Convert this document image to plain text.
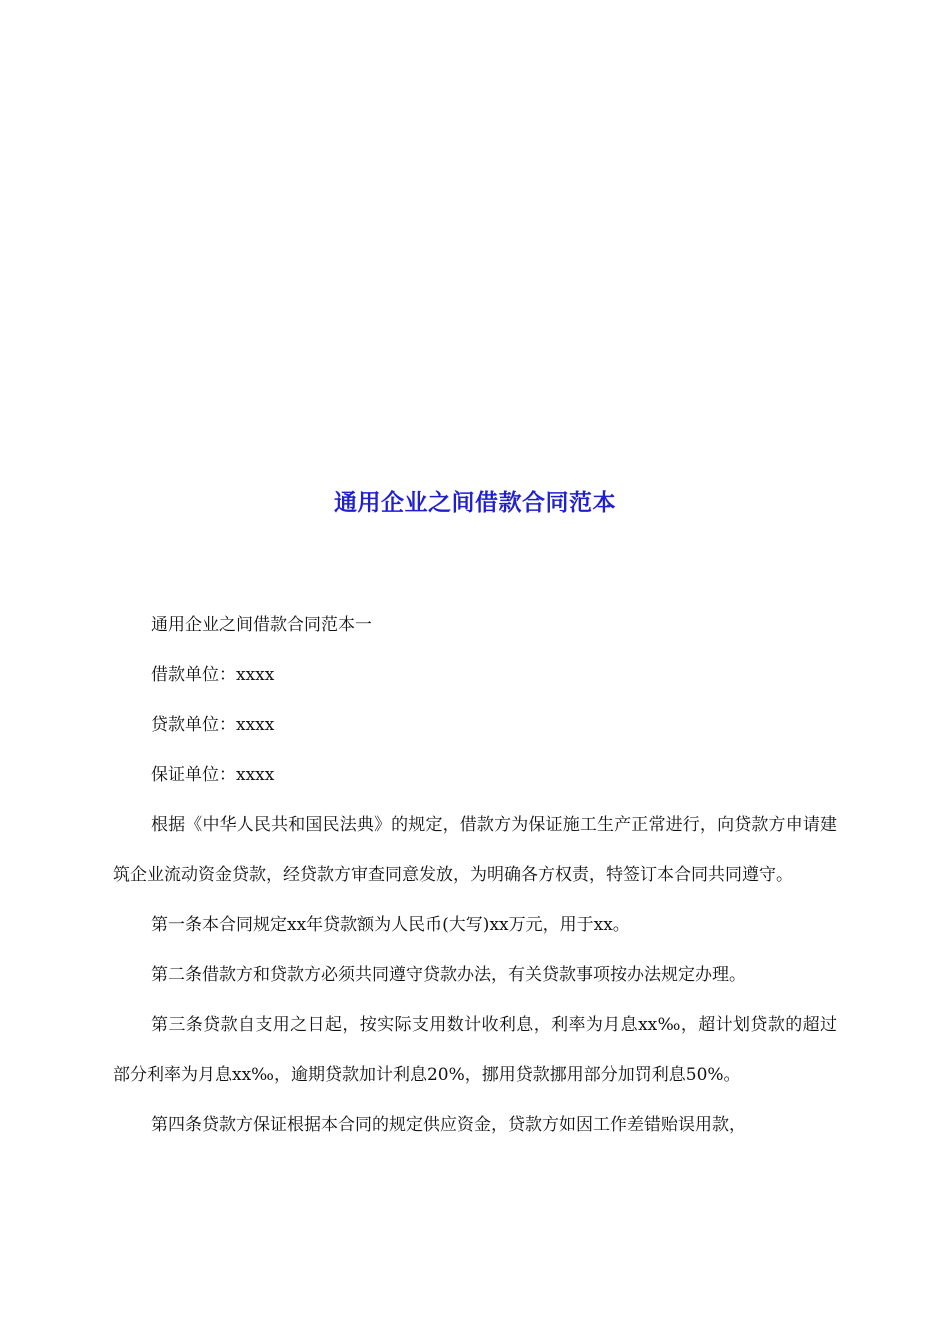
通用企业之间借款合同范本

通用企业之间借款合同范本一

借款单位：xxxx

贷款单位：xxxx

保证单位：xxxx

根据《中华人民共和国民法典》的规定，借款方为保证施工生产正常进行，向贷款方申请建筑企业流动资金贷款，经贷款方审查同意发放，为明确各方权责，特签订本合同共同遵守。

第一条本合同规定xx年贷款额为人民币(大写)xx万元，用于xx。

第二条借款方和贷款方必须共同遵守贷款办法，有关贷款事项按办法规定办理。

第三条贷款自支用之日起，按实际支用数计收利息，利率为月息xx‰，超计划贷款的超过部分利率为月息xx‰，逾期贷款加计利息20%，挪用贷款挪用部分加罚利息50%。

第四条贷款方保证根据本合同的规定供应资金，贷款方如因工作差错贻误用款，
